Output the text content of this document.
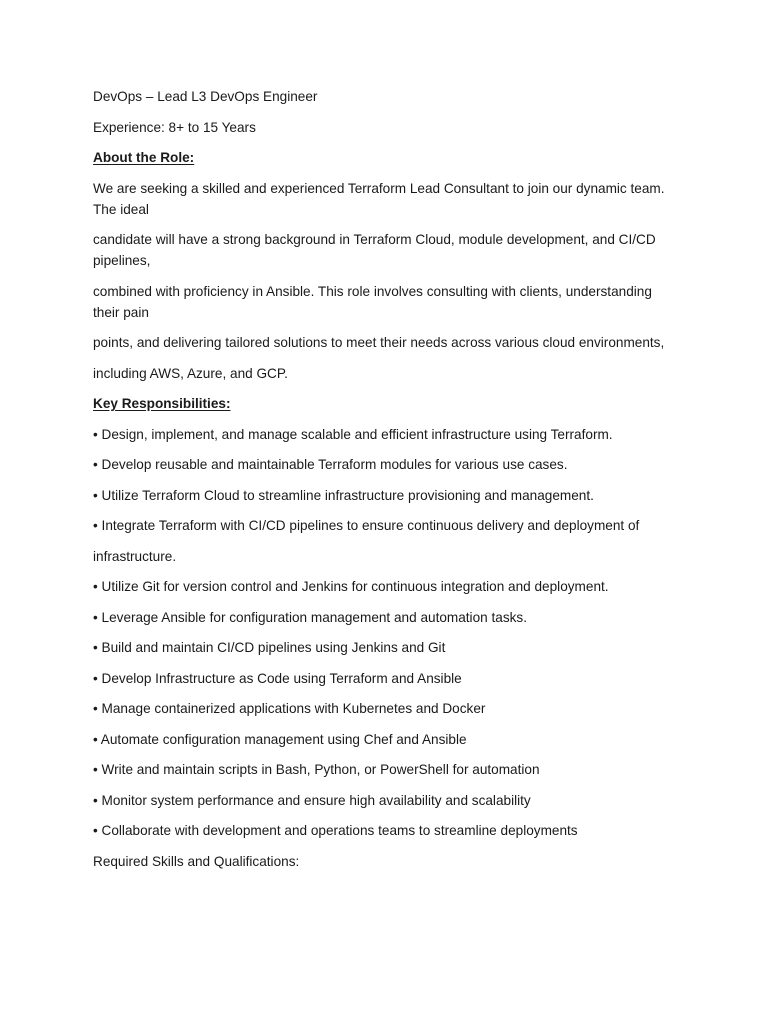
DevOps – Lead L3 DevOps Engineer

Experience: 8+ to 15 Years

About the Role:

We are seeking a skilled and experienced Terraform Lead Consultant to join our dynamic team. The ideal

candidate will have a strong background in Terraform Cloud, module development, and CI/CD pipelines,

combined with proficiency in Ansible. This role involves consulting with clients, understanding their pain

points, and delivering tailored solutions to meet their needs across various cloud environments,

including AWS, Azure, and GCP.

Key Responsibilities:

• Design, implement, and manage scalable and efficient infrastructure using Terraform.

• Develop reusable and maintainable Terraform modules for various use cases.

• Utilize Terraform Cloud to streamline infrastructure provisioning and management.

• Integrate Terraform with CI/CD pipelines to ensure continuous delivery and deployment of

infrastructure.

• Utilize Git for version control and Jenkins for continuous integration and deployment.

• Leverage Ansible for configuration management and automation tasks.

• Build and maintain CI/CD pipelines using Jenkins and Git

• Develop Infrastructure as Code using Terraform and Ansible

• Manage containerized applications with Kubernetes and Docker

• Automate configuration management using Chef and Ansible

• Write and maintain scripts in Bash, Python, or PowerShell for automation

• Monitor system performance and ensure high availability and scalability

• Collaborate with development and operations teams to streamline deployments

Required Skills and Qualifications:
